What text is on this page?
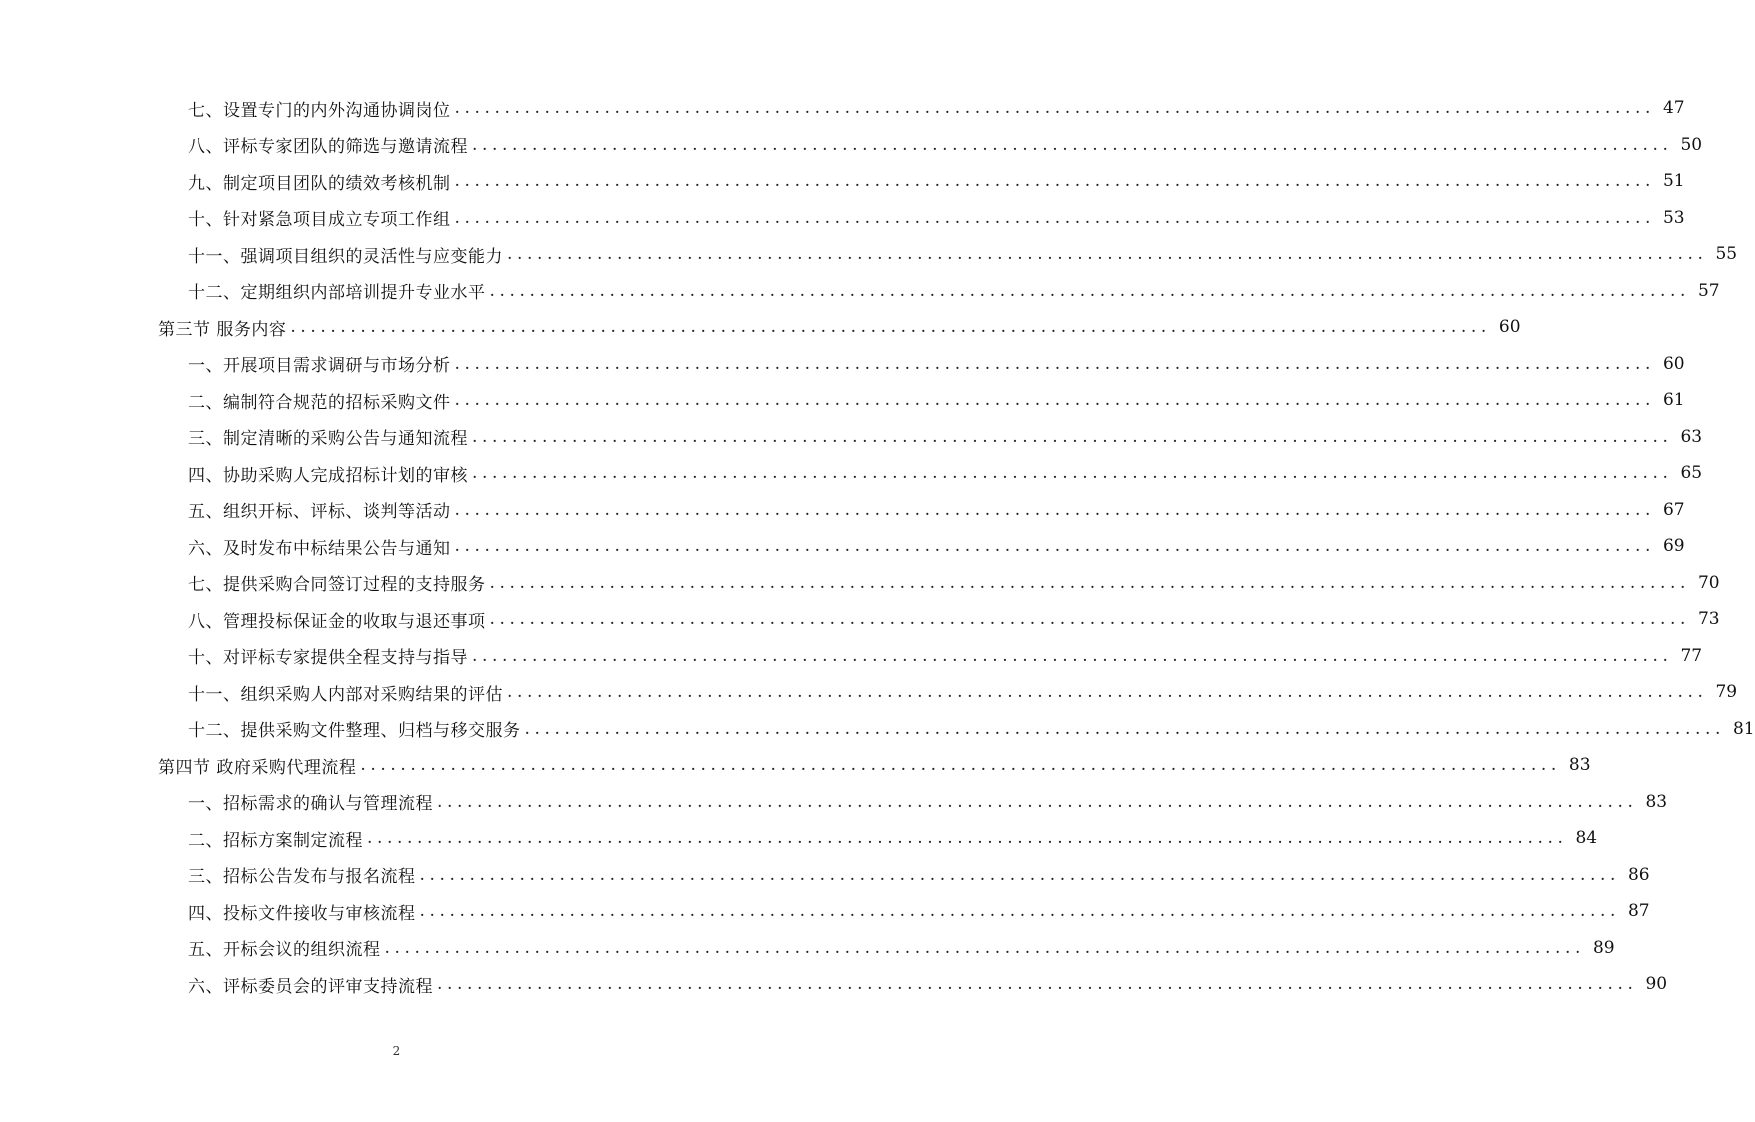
七、设置专门的内外沟通协调岗位 ........................................................................................................................ 47
八、评标专家团队的筛选与邀请流程 ........................................................................................................................ 50
九、制定项目团队的绩效考核机制 ........................................................................................................................ 51
十、针对紧急项目成立专项工作组 ........................................................................................................................ 53
十一、强调项目组织的灵活性与应变能力 ........................................................................................................................ 55
十二、定期组织内部培训提升专业水平 ........................................................................................................................ 57
第三节 服务内容 ........................................................................................................................ 60
一、开展项目需求调研与市场分析 ........................................................................................................................ 60
二、编制符合规范的招标采购文件 ........................................................................................................................ 61
三、制定清晰的采购公告与通知流程 ........................................................................................................................ 63
四、协助采购人完成招标计划的审核 ........................................................................................................................ 65
五、组织开标、评标、谈判等活动 ........................................................................................................................ 67
六、及时发布中标结果公告与通知 ........................................................................................................................ 69
七、提供采购合同签订过程的支持服务 ........................................................................................................................ 70
八、管理投标保证金的收取与退还事项 ........................................................................................................................ 73
十、对评标专家提供全程支持与指导 ........................................................................................................................ 77
十一、组织采购人内部对采购结果的评估 ........................................................................................................................ 79
十二、提供采购文件整理、归档与移交服务 ........................................................................................................................ 81
第四节 政府采购代理流程 ........................................................................................................................ 83
一、招标需求的确认与管理流程 ........................................................................................................................ 83
二、招标方案制定流程 ........................................................................................................................ 84
三、招标公告发布与报名流程 ........................................................................................................................ 86
四、投标文件接收与审核流程 ........................................................................................................................ 87
五、开标会议的组织流程 ........................................................................................................................ 89
六、评标委员会的评审支持流程 ........................................................................................................................ 90
2
